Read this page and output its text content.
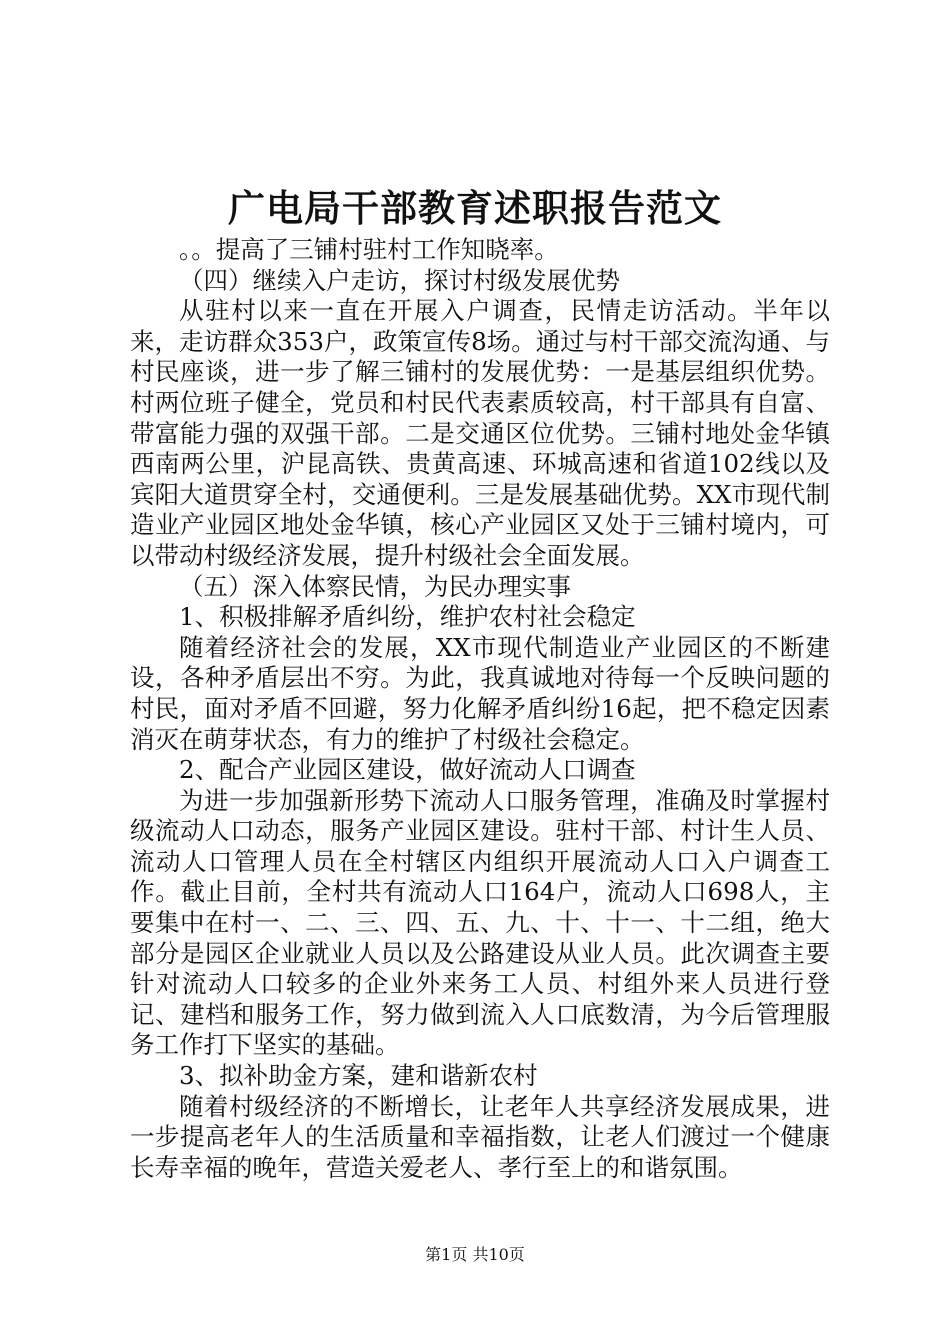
广电局干部教育述职报告范文

。。提高了三铺村驻村工作知晓率。

（四）继续入户走访，探讨村级发展优势

从驻村以来一直在开展入户调查，民情走访活动。半年以来，走访群众353户，政策宣传8场。通过与村干部交流沟通、与村民座谈，进一步了解三铺村的发展优势：一是基层组织优势。村两位班子健全，党员和村民代表素质较高，村干部具有自富、带富能力强的双强干部。二是交通区位优势。三铺村地处金华镇西南两公里，沪昆高铁、贵黄高速、环城高速和省道102线以及宾阳大道贯穿全村，交通便利。三是发展基础优势。XX市现代制造业产业园区地处金华镇，核心产业园区又处于三铺村境内，可以带动村级经济发展，提升村级社会全面发展。

（五）深入体察民情，为民办理实事

1、积极排解矛盾纠纷，维护农村社会稳定

随着经济社会的发展，XX市现代制造业产业园区的不断建设，各种矛盾层出不穷。为此，我真诚地对待每一个反映问题的村民，面对矛盾不回避，努力化解矛盾纠纷16起，把不稳定因素消灭在萌芽状态，有力的维护了村级社会稳定。

2、配合产业园区建设，做好流动人口调查

为进一步加强新形势下流动人口服务管理，准确及时掌握村级流动人口动态，服务产业园区建设。驻村干部、村计生人员、流动人口管理人员在全村辖区内组织开展流动人口入户调查工作。截止目前，全村共有流动人口164户，流动人口698人，主要集中在村一、二、三、四、五、九、十、十一、十二组，绝大部分是园区企业就业人员以及公路建设从业人员。此次调查主要针对流动人口较多的企业外来务工人员、村组外来人员进行登记、建档和服务工作，努力做到流入人口底数清，为今后管理服务工作打下坚实的基础。

3、拟补助金方案，建和谐新农村

随着村级经济的不断增长，让老年人共享经济发展成果，进一步提高老年人的生活质量和幸福指数，让老人们渡过一个健康长寿幸福的晚年，营造关爱老人、孝行至上的和谐氛围。

第1页 共10页
